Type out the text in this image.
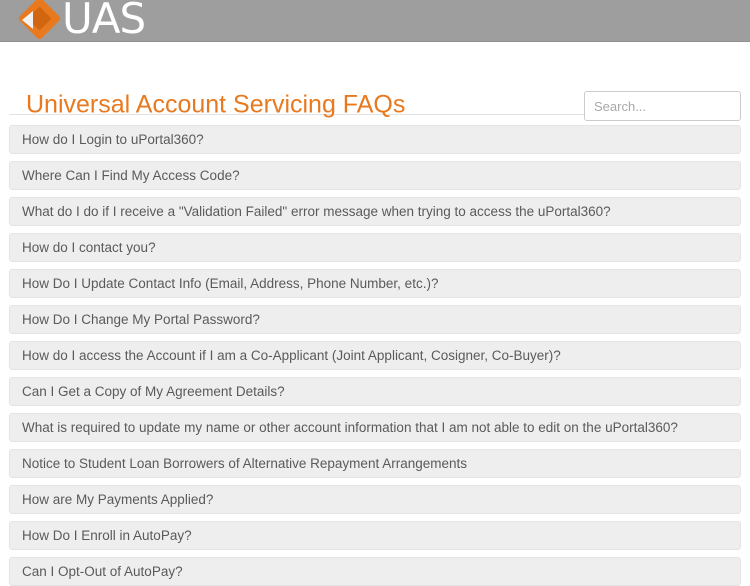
UAS
Universal Account Servicing FAQs
Search...
How do I Login to uPortal360?
Where Can I Find My Access Code?
What do I do if I receive a "Validation Failed" error message when trying to access the uPortal360?
How do I contact you?
How Do I Update Contact Info (Email, Address, Phone Number, etc.)?
How Do I Change My Portal Password?
How do I access the Account if I am a Co-Applicant (Joint Applicant, Cosigner, Co-Buyer)?
Can I Get a Copy of My Agreement Details?
What is required to update my name or other account information that I am not able to edit on the uPortal360?
Notice to Student Loan Borrowers of Alternative Repayment Arrangements
How are My Payments Applied?
How Do I Enroll in AutoPay?
Can I Opt-Out of AutoPay?
